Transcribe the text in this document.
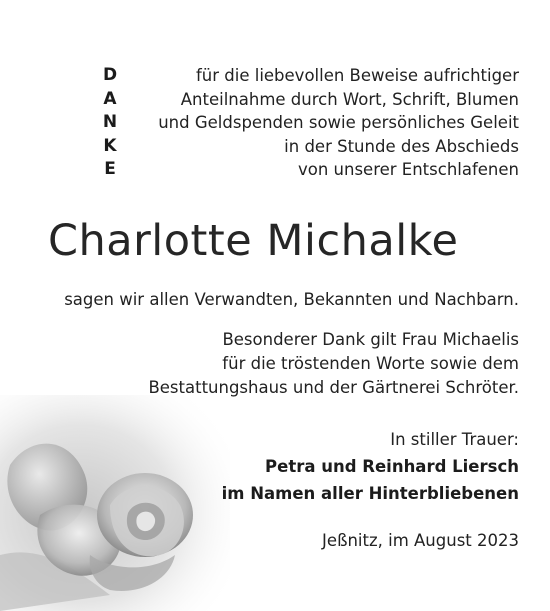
D
A
N
K
E
für die liebevollen Beweise aufrichtiger
Anteilnahme durch Wort, Schrift, Blumen
und Geldspenden sowie persönliches Geleit
in der Stunde des Abschieds
von unserer Entschlafenen
Charlotte Michalke
sagen wir allen Verwandten, Bekannten und Nachbarn.
Besonderer Dank gilt Frau Michaelis
für die tröstenden Worte sowie dem
Bestattungshaus und der Gärtnerei Schröter.
In stiller Trauer:
Petra und Reinhard Liersch
im Namen aller Hinterbliebenen
Jeßnitz, im August 2023
